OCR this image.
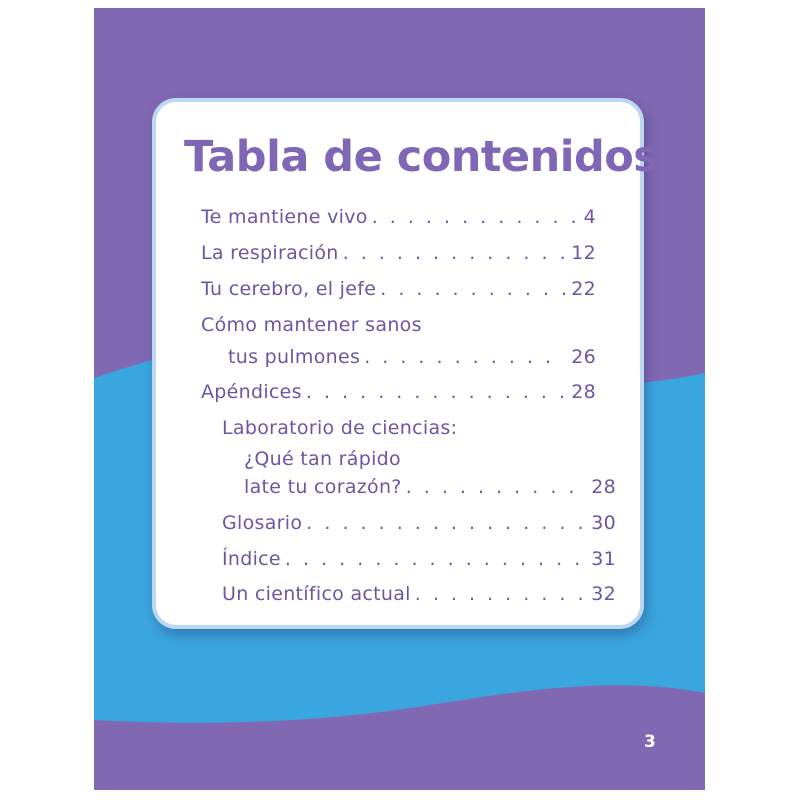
Tabla de contenidos
Te mantiene vivo . . .	4
La respiración . . .	12
Tu cerebro, el jefe . . .	22
Cómo mantener sanos
tus pulmones . . .	26
Apéndices . . .	28
Laboratorio de ciencias:
¿Qué tan rápido
late tu corazón? . . .	28
Glosario . . .	30
Índice . . .	31
Un científico actual . . .	32
3
